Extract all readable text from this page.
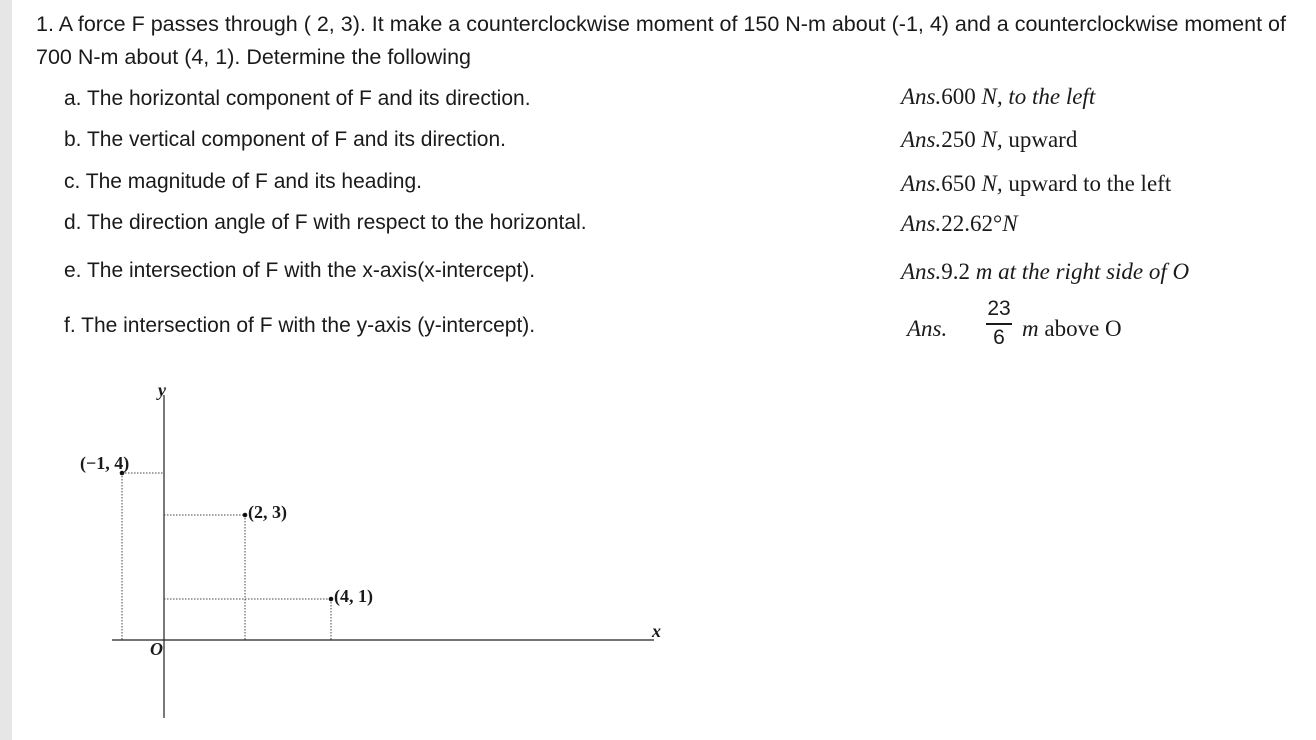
1. A force F passes through ( 2, 3). It make a counterclockwise moment of 150 N-m about (-1, 4) and a counterclockwise moment of 700 N-m about (4, 1). Determine the following
a. The horizontal component of F and its direction.
b. The vertical component of F and its direction.
c. The magnitude of F and its heading.
d. The direction angle of F with respect to the horizontal.
e. The intersection of F with the x-axis(x-intercept).
f. The intersection of F with the y-axis (y-intercept).
Ans.600 N, to the left
Ans.250 N, upward
Ans.650 N, upward to the left
Ans.22.62°N
Ans.9.2 m at the right side of O
Ans.
23
6 m above O
y
x
O
(−1, 4)
(2, 3)
(4, 1)
